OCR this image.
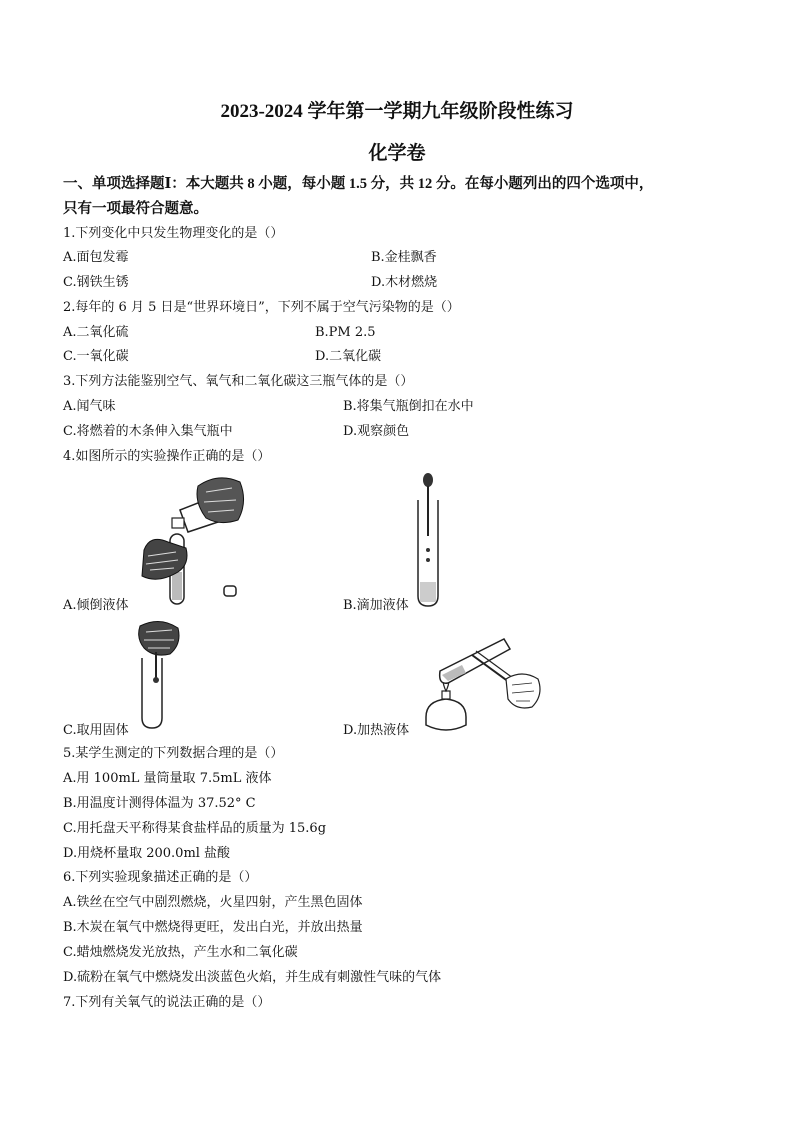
2023-2024 学年第一学期九年级阶段性练习
化学卷
一、单项选择题Ⅰ：本大题共 8 小题，每小题 1.5 分，共 12 分。在每小题列出的四个选项中，
只有一项最符合题意。
1.下列变化中只发生物理变化的是（）
A.面包发霉	B.金桂飘香
C.钢铁生锈	D.木材燃烧
2.每年的 6 月 5 日是“世界环境日”，下列不属于空气污染物的是（）
A.二氧化硫	B.PM 2.5
C.一氧化碳	D.二氧化碳
3.下列方法能鉴别空气、氧气和二氧化碳这三瓶气体的是（）
A.闻气味	B.将集气瓶倒扣在水中
C.将燃着的木条伸入集气瓶中	D.观察颜色
4.如图所示的实验操作正确的是（）
A.倾倒液体	B.滴加液体
C.取用固体	D.加热液体
5.某学生测定的下列数据合理的是（）
A.用 100mL 量筒量取 7.5mL 液体
B.用温度计测得体温为 37.52° C
C.用托盘天平称得某食盐样品的质量为 15.6g
D.用烧杯量取 200.0ml 盐酸
6.下列实验现象描述正确的是（）
A.铁丝在空气中剧烈燃烧，火星四射，产生黑色固体
B.木炭在氧气中燃烧得更旺，发出白光，并放出热量
C.蜡烛燃烧发光放热，产生水和二氧化碳
D.硫粉在氧气中燃烧发出淡蓝色火焰，并生成有刺激性气味的气体
7.下列有关氧气的说法正确的是（）
